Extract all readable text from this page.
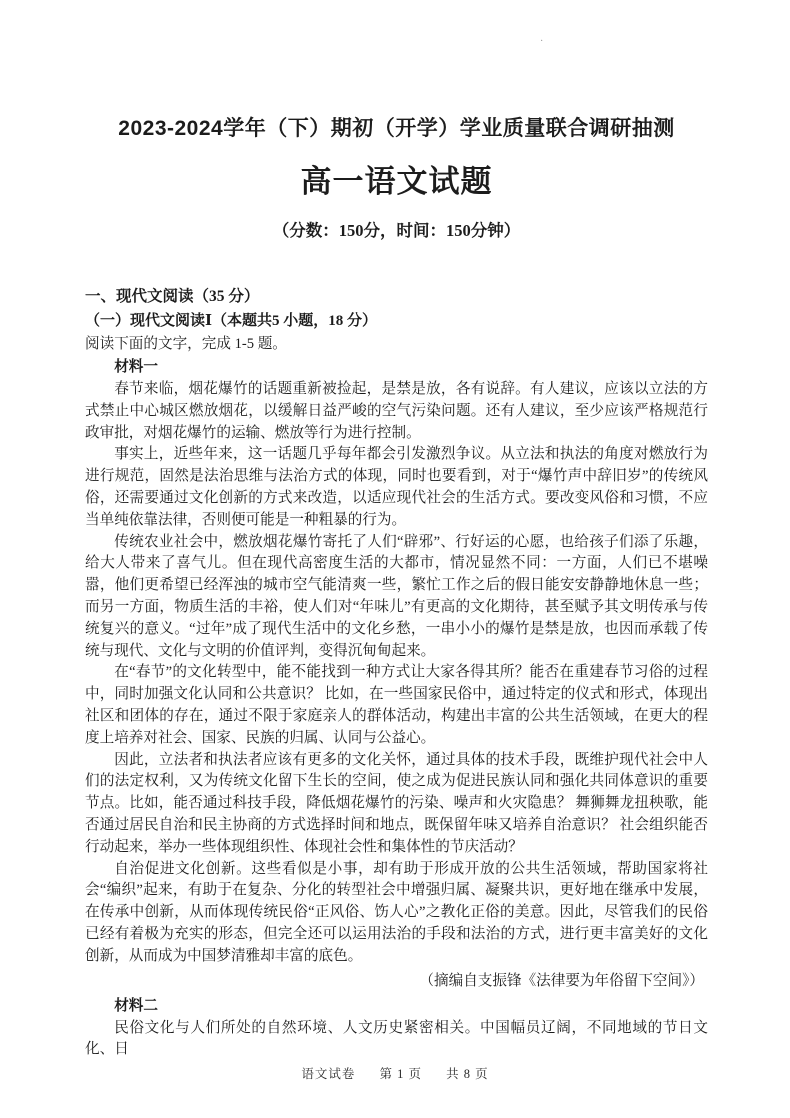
·
2023-2024学年（下）期初（开学）学业质量联合调研抽测
高一语文试题

（分数：150分，时间：150分钟）

一、现代文阅读（35 分）

（一）现代文阅读Ⅰ（本题共5 小题，18 分）

阅读下面的文字，完成 1-5 题。

材料一

春节来临，烟花爆竹的话题重新被捡起，是禁是放，各有说辞。有人建议，应该以立法的方式禁止中心城区燃放烟花，以缓解日益严峻的空气污染问题。还有人建议，至少应该严格规范行政审批，对烟花爆竹的运输、燃放等行为进行控制。

事实上，近些年来，这一话题几乎每年都会引发激烈争议。从立法和执法的角度对燃放行为进行规范，固然是法治思维与法治方式的体现，同时也要看到，对于“爆竹声中辞旧岁”的传统风俗，还需要通过文化创新的方式来改造，以适应现代社会的生活方式。要改变风俗和习惯，不应当单纯依靠法律，否则便可能是一种粗暴的行为。

传统农业社会中，燃放烟花爆竹寄托了人们“辟邪”、行好运的心愿，也给孩子们添了乐趣，给大人带来了喜气儿。但在现代高密度生活的大都市，情况显然不同：一方面，人们已不堪噪嚣，他们更希望已经浑浊的城市空气能清爽一些，繁忙工作之后的假日能安安静静地休息一些；而另一方面，物质生活的丰裕，使人们对“年味儿”有更高的文化期待，甚至赋予其文明传承与传统复兴的意义。“过年”成了现代生活中的文化乡愁，一串小小的爆竹是禁是放，也因而承载了传统与现代、文化与文明的价值评判，变得沉甸甸起来。

在“春节”的文化转型中，能不能找到一种方式让大家各得其所？能否在重建春节习俗的过程中，同时加强文化认同和公共意识？ 比如，在一些国家民俗中，通过特定的仪式和形式，体现出社区和团体的存在，通过不限于家庭亲人的群体活动，构建出丰富的公共生活领域，在更大的程度上培养对社会、国家、民族的归属、认同与公益心。

因此，立法者和执法者应该有更多的文化关怀，通过具体的技术手段，既维护现代社会中人们的法定权利，又为传统文化留下生长的空间，使之成为促进民族认同和强化共同体意识的重要节点。比如，能否通过科技手段，降低烟花爆竹的污染、噪声和火灾隐患？ 舞狮舞龙扭秧歌，能否通过居民自治和民主协商的方式选择时间和地点，既保留年味又培养自治意识？ 社会组织能否行动起来，举办一些体现组织性、体现社会性和集体性的节庆活动？

自治促进文化创新。这些看似是小事，却有助于形成开放的公共生活领域，帮助国家将社会“编织”起来，有助于在复杂、分化的转型社会中增强归属、凝聚共识，更好地在继承中发展，在传承中创新，从而体现传统民俗“正风俗、饬人心”之教化正俗的美意。因此，尽管我们的民俗已经有着极为充实的形态，但完全还可以运用法治的手段和法治的方式，进行更丰富美好的文化创新，从而成为中国梦清雅却丰富的底色。

（摘编自支振锋《法律要为年俗留下空间》）

材料二

民俗文化与人们所处的自然环境、人文历史紧密相关。中国幅员辽阔，不同地域的节日文化、日

语文试卷 第 1 页 共 8 页
